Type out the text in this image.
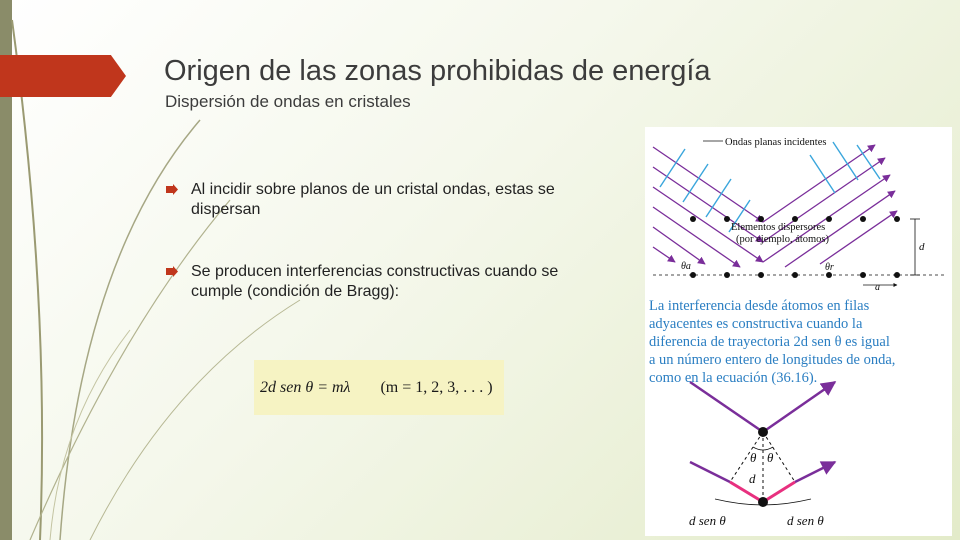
Origen de las zonas prohibidas de energía
Dispersión de ondas en cristales
Al incidir sobre planos de un cristal ondas, estas se dispersan
Se producen interferencias constructivas cuando se cumple (condición de Bragg):
2d sen θ = mλ (m = 1, 2, 3, . . . )
Ondas planas incidentes
Elementos dispersores
(por ejemplo, átomos)
θa	θr
d
a
θ θ
d
d sen θ	d sen θ
La interferencia desde átomos en filas
adyacentes es constructiva cuando la
diferencia de trayectoria 2d sen θ es igual
a un número entero de longitudes de onda,
como en la ecuación (36.16).
